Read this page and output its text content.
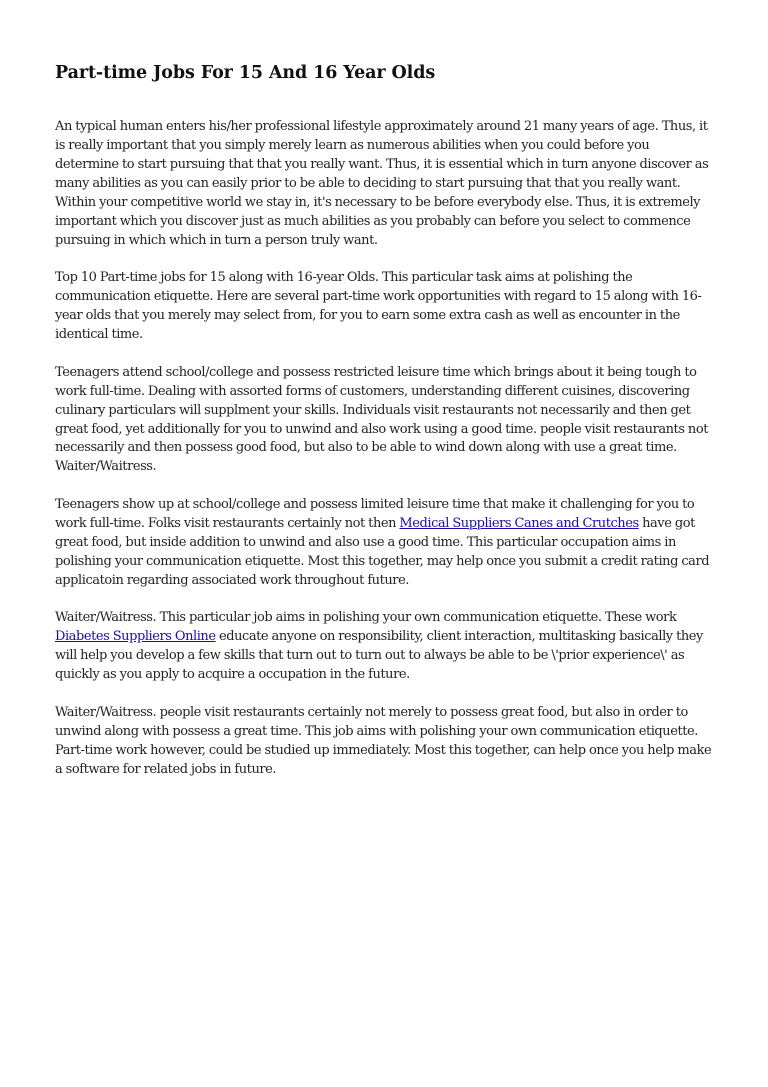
Part-time Jobs For 15 And 16 Year Olds

An typical human enters his/her professional lifestyle approximately around 21 many years of age. Thus, it is really important that you simply merely learn as numerous abilities when you could before you determine to start pursuing that that you really want. Thus, it is essential which in turn anyone discover as many abilities as you can easily prior to be able to deciding to start pursuing that that you really want. Within your competitive world we stay in, it's necessary to be before everybody else. Thus, it is extremely important which you discover just as much abilities as you probably can before you select to commence pursuing in which which in turn a person truly want.

Top 10 Part-time jobs for 15 along with 16-year Olds. This particular task aims at polishing the communication etiquette. Here are several part-time work opportunities with regard to 15 along with 16-year olds that you merely may select from, for you to earn some extra cash as well as encounter in the identical time.

Teenagers attend school/college and possess restricted leisure time which brings about it being tough to work full-time. Dealing with assorted forms of customers, understanding different cuisines, discovering culinary particulars will supplment your skills. Individuals visit restaurants not necessarily and then get great food, yet additionally for you to unwind and also work using a good time. people visit restaurants not necessarily and then possess good food, but also to be able to wind down along with use a great time. Waiter/Waitress.

Teenagers show up at school/college and possess limited leisure time that make it challenging for you to work full-time. Folks visit restaurants certainly not then Medical Suppliers Canes and Crutches have got great food, but inside addition to unwind and also use a good time. This particular occupation aims in polishing your communication etiquette. Most this together, may help once you submit a credit rating card applicatoin regarding associated work throughout future.

Waiter/Waitress. This particular job aims in polishing your own communication etiquette. These work Diabetes Suppliers Online educate anyone on responsibility, client interaction, multitasking basically they will help you develop a few skills that turn out to turn out to always be able to be \'prior experience\' as quickly as you apply to acquire a occupation in the future.

Waiter/Waitress. people visit restaurants certainly not merely to possess great food, but also in order to unwind along with possess a great time. This job aims with polishing your own communication etiquette. Part-time work however, could be studied up immediately. Most this together, can help once you help make a software for related jobs in future.
